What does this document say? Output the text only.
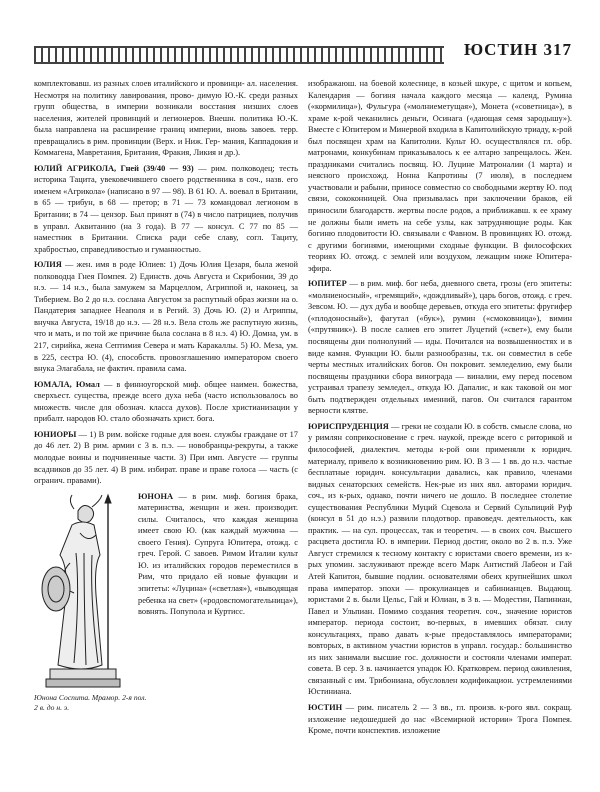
ЮСТИН 317

комплектовавш. из разных слоев италийского и провинци- ал. населения. Несмотря на политику лавирования, прово- димую Ю.-К. среди разных групп общества, в империи возникали восстания низших слоев населения, жителей провинций и легионеров. Внешн. политика Ю.-К. была направлена на расширение границ империи, вновь завоев. терр. превращались в рим. провинции (Верх. и Ниж. Гер- мания, Каппадокия и Коммагена, Мавретания, Британия, Фракия, Ликия и др.).

ЮЛИЙ АГРИКОЛА, Гней (39/40 — 93) — рим. полководец; тесть историка Тацита, увековечившего своего родственника в соч., назв. его именем «Агрикола» (написано в 97 — 98). В 61 Ю. А. воевал в Британии, в 65 — трибун, в 68 — претор; в 71 — 73 командовал легионом в Британии; в 74 — цензор. Был принят в (74) в число патрициев, получив в управл. Аквитанию (на 3 года). В 77 — консул. С 77 по 85 — наместник в Британии. Списка ради себе славу, согл. Тациту, храбростью, справедливостью и гуманностью.

ЮЛИЯ — жен. имя в роде Юлиев: 1) Дочь Юлия Цезаря, была женой полководца Гнея Помпея. 2) Единств. дочь Августа и Скрибонии, 39 до н.э. — 14 н.э., была замужем за Марцеллом, Агриппой и, наконец, за Тиберием. Во 2 до н.э. сослана Августом за распутный образ жизни на о. Пандатерия западнее Неаполя и в Регий. 3) Дочь Ю. (2) и Агриппы, внучка Августа, 19/18 до н.э. — 28 н.э. Вела столь же распутную жизнь, что и мать, и по той же причине была сослана в 8 н.э. 4) Ю. Домна, ум. в 217, сирийка, жена Септимия Севера и мать Каракаллы. 5) Ю. Меза, ум. в 225, сестра Ю. (4), способств. провозглашению императором своего внука Элагабала, не фактич. правила сама.

ЮМАЛА, Юмал — в финноугорской миф. общее наимен. божества, сверхъест. существа, прежде всего духа неба (часто использовалось во множеств. числе для обознач. класса духов). После христианизации у прибалт. народов Ю. стало обозначать христ. бога.

ЮНИОРЫ — 1) В рим. войске годные для воен. службы граждане от 17 до 46 лет. 2) В рим. армии с 3 в. п.э. — новобранцы-рекруты, а также молодые воины и подчиненные части. 3) При имп. Августе — группы всадников до 35 лет. 4) В рим. избират. праве и праве голоса — часть (с огранич. правами).

Юнона Соспита. Мрамор. 2-я пол. 2 в. до н. э.

ЮНОНА — в рим. миф. богиня брака, материнства, женщин и жен. производит. силы. Считалось, что каждая женщина имеет свою Ю. (как каждый мужчина — своего Гения). Супруга Юпитера, отожд. с греч. Герой. С завоев. Римом Италии культ Ю. из италийских городов переместился в Рим, что придало ей новые функции и эпитеты: «Луцина» («светлая»), «выводящая ребенка на свет» («родовспомогательница»), вовнять. Попупола и Куртисс.

изображаюш. на боевой колеснице, в козьей шкуре, с щитом и копьем, Календария — богиня начала каждого месяца — календ, Румина («кормилица»), Фульгура («молниеметущая»), Монета («советница»), в храме к-рой чеканились деньги, Осинага («дающая семя зародышу»). Вместе с Юпитером и Минервой входила в Капитолийскую триаду, к-рой был посвящен храм на Капитолии. Культ Ю. осуществлялся гл. обр. матронами, конкубинам приказывалось к ее алтарю запрещалось. Жен. праздниками считались посвящ. Ю. Луцине Матроналии (1 марта) и неясного происхожд. Нонна Капротины (7 июля), в последнем участвовали и рабыни, приносе совместно со свободными жертву Ю. под связи, сококонницей. Она призывалась при заключении браков, ей приносили благодарств. жертвы после родов, а приближавш. к ее храму не должны были иметь на себе узлы, как затрудняющие роды. Как богиню плодовитости Ю. связывали с Фавном. В провинциях Ю. отожд. с другими богинями, имеющими сходные функции. В философских теориях Ю. отожд. с землей или воздухом, лежащим ниже Юпитера-эфира.

ЮПИТЕР — в рим. миф. бог неба, дневного света, грозы (его эпитеты: «молниеносный», «гремящий», «дождливый»), царь богов, отожд. с греч. Зевсом. Ю. — дух дуба и вообще деревьев, откуда его эпитеты: фругифер («плодоносный»), фагутал («бук»), румин («смоковница»), вимин («прутяник»). В после салиев его эпитет Луцетий («свет»), ему были посвящены дни полнолуний — иды. Почитался на возвышенностях и в виде камня. Функции Ю. были разнообразны, т.к. он совместил в себе черты местных италийских богов. Он покровит. земледелию, ему были посвящены праздники сбора винограда — виналии, ему перед посевом устраивал трапезу земледел., откуда Ю. Дапалис, и как таковой он мог быть подтвержден отдельных именний, пагов. Он считался гарантом верности клятве.

ЮРИСПРУДЕНЦИЯ — греки не создали Ю. в собств. смысле слова, но у римлян соприкосновение с греч. наукой, прежде всего с риторикой и философией, диалектич. методы к-рой они применяли к юридич. материалу, привело к возникновению рим. Ю. В 3 — 1 вв. до н.э. частые бесплатные юридич. консультации давались, как правило, членами видных сенаторских семейств. Нек-рые из них явл. авторами юридич. соч., из к-рых, однако, почти ничего не дошло. В последнее столетие существования Республики Муций Сцевола и Сервий Сульпиций Руф (консул в 51 до н.э.) развили плодотвор. правоведч. деятельность, как практик. — на сул. процессах, так и теоретич. — в своих соч. Высшего расцвета достигла Ю. в империи. Период достиг, около во 2 в. п.э. Уже Август стремился к тесному контакту с юристами своего времени, из к-рых упомин. заслуживают прежде всего Марк Антистий Лабеон и Гай Атей Капитон, бывшие подлин. основателями обеих крупнейших школ права император. эпохи — прокулианцев и сабинианцев. Выдающ. юристами 2 в. были Цельс, Гай и Юлиан, в 3 в. — Модестин, Папиниан, Павел и Ульпиан. Помимо создания теоретич. соч., значение юристов император. периода состоит, во-первых, в имевших обязат. силу консультациях, право давать к-рые предоставлялось императорами; вовторых, в активном участии юристов в управл. государ.: большинство из них занимали высшие гос. должности и состояли членами императ. совета. В сер. 3 в. начинается упадок Ю. Кратковрем. период оживления, связанный с им. Трибониана, обусловлен кодификацион. устремлениями Юстиниана.

ЮСТИН — рим. писатель 2 — 3 вв., гл. произв. к-рого явл. сокращ. изложение недошедшей до нас «Всемирной истории» Трога Помпея. Кроме, почти конспектив. изложение
